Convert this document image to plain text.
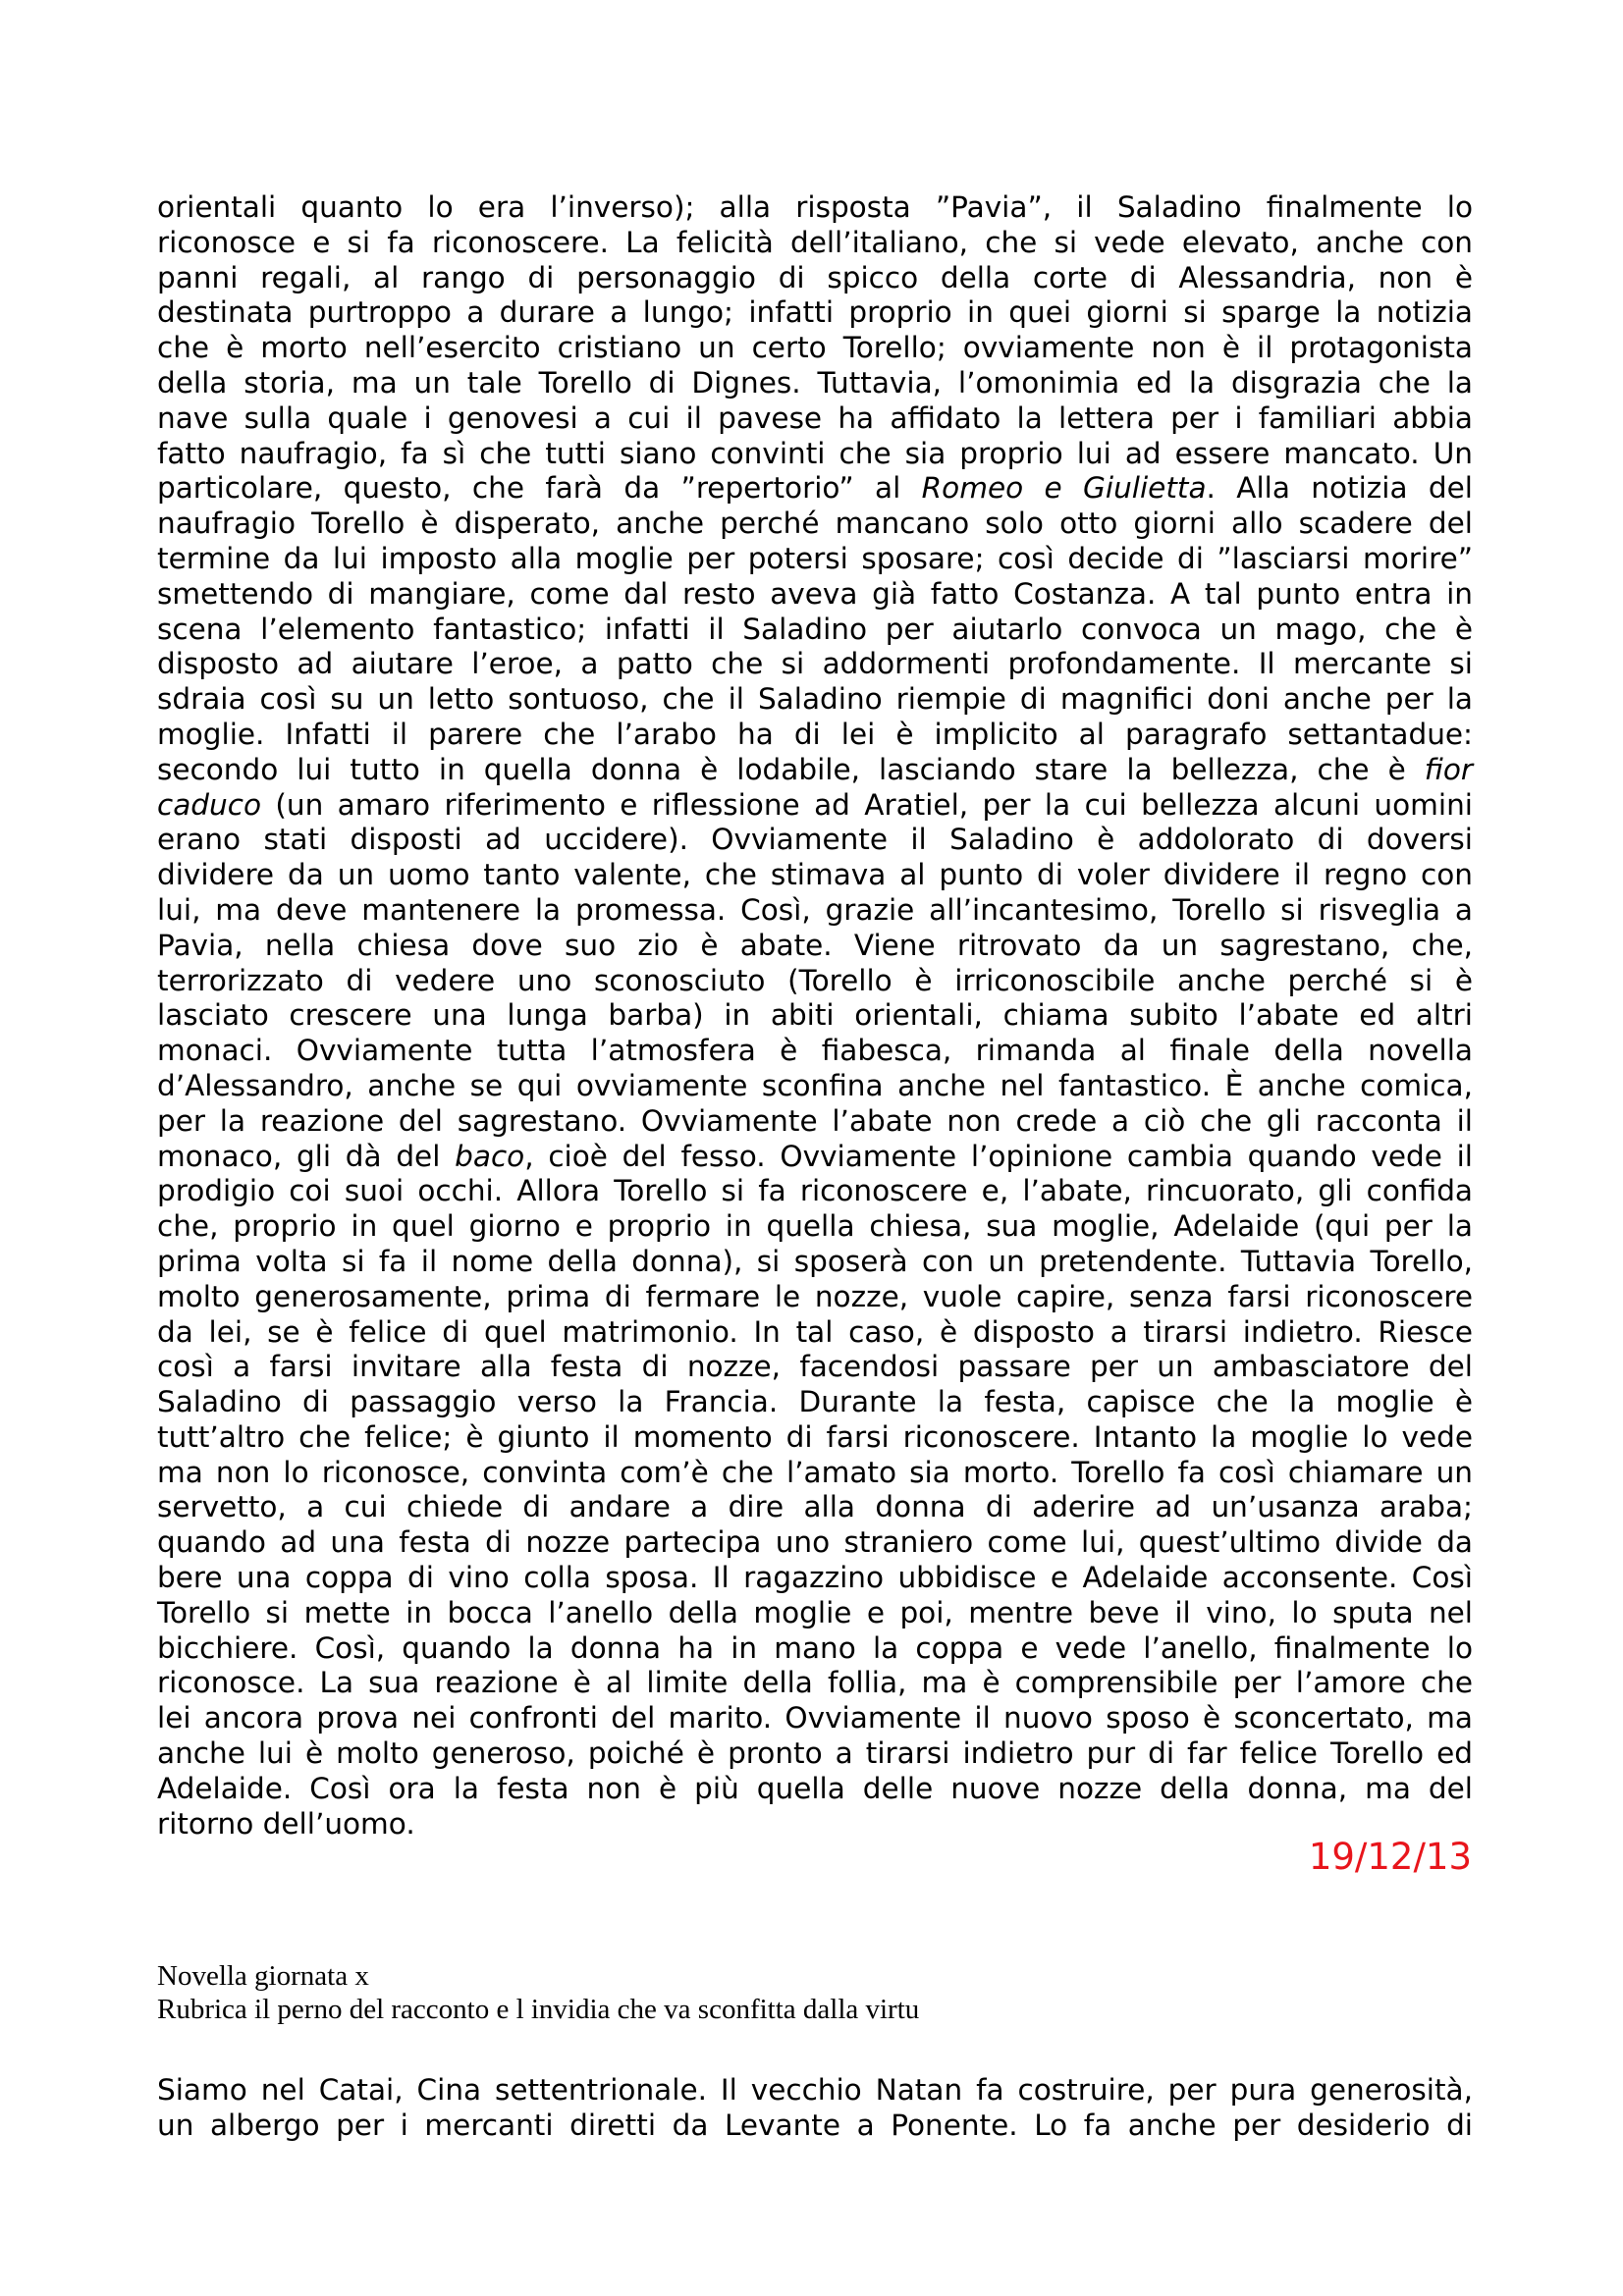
orientali quanto lo era l’inverso); alla risposta ”Pavia”, il Saladino finalmente lo
riconosce e si fa riconoscere. La felicità dell’italiano, che si vede elevato, anche con
panni regali, al rango di personaggio di spicco della corte di Alessandria, non è
destinata purtroppo a durare a lungo; infatti proprio in quei giorni si sparge la notizia
che è morto nell’esercito cristiano un certo Torello; ovviamente non è il protagonista
della storia, ma un tale Torello di Dignes. Tuttavia, l’omonimia ed la disgrazia che la
nave sulla quale i genovesi a cui il pavese ha affidato la lettera per i familiari abbia
fatto naufragio, fa sì che tutti siano convinti che sia proprio lui ad essere mancato. Un
particolare, questo, che farà da ”repertorio” al Romeo e Giulietta. Alla notizia del
naufragio Torello è disperato, anche perché mancano solo otto giorni allo scadere del
termine da lui imposto alla moglie per potersi sposare; così decide di ”lasciarsi morire”
smettendo di mangiare, come dal resto aveva già fatto Costanza. A tal punto entra in
scena l’elemento fantastico; infatti il Saladino per aiutarlo convoca un mago, che è
disposto ad aiutare l’eroe, a patto che si addormenti profondamente. Il mercante si
sdraia così su un letto sontuoso, che il Saladino riempie di magnifici doni anche per la
moglie. Infatti il parere che l’arabo ha di lei è implicito al paragrafo settantadue:
secondo lui tutto in quella donna è lodabile, lasciando stare la bellezza, che è fior
caduco (un amaro riferimento e riflessione ad Aratiel, per la cui bellezza alcuni uomini
erano stati disposti ad uccidere). Ovviamente il Saladino è addolorato di doversi
dividere da un uomo tanto valente, che stimava al punto di voler dividere il regno con
lui, ma deve mantenere la promessa. Così, grazie all’incantesimo, Torello si risveglia a
Pavia, nella chiesa dove suo zio è abate. Viene ritrovato da un sagrestano, che,
terrorizzato di vedere uno sconosciuto (Torello è irriconoscibile anche perché si è
lasciato crescere una lunga barba) in abiti orientali, chiama subito l’abate ed altri
monaci. Ovviamente tutta l’atmosfera è fiabesca, rimanda al finale della novella
d’Alessandro, anche se qui ovviamente sconfina anche nel fantastico. È anche comica,
per la reazione del sagrestano. Ovviamente l’abate non crede a ciò che gli racconta il
monaco, gli dà del baco, cioè del fesso. Ovviamente l’opinione cambia quando vede il
prodigio coi suoi occhi. Allora Torello si fa riconoscere e, l’abate, rincuorato, gli confida
che, proprio in quel giorno e proprio in quella chiesa, sua moglie, Adelaide (qui per la
prima volta si fa il nome della donna), si sposerà con un pretendente. Tuttavia Torello,
molto generosamente, prima di fermare le nozze, vuole capire, senza farsi riconoscere
da lei, se è felice di quel matrimonio. In tal caso, è disposto a tirarsi indietro. Riesce
così a farsi invitare alla festa di nozze, facendosi passare per un ambasciatore del
Saladino di passaggio verso la Francia. Durante la festa, capisce che la moglie è
tutt’altro che felice; è giunto il momento di farsi riconoscere. Intanto la moglie lo vede
ma non lo riconosce, convinta com’è che l’amato sia morto. Torello fa così chiamare un
servetto, a cui chiede di andare a dire alla donna di aderire ad un’usanza araba;
quando ad una festa di nozze partecipa uno straniero come lui, quest’ultimo divide da
bere una coppa di vino colla sposa. Il ragazzino ubbidisce e Adelaide acconsente. Così
Torello si mette in bocca l’anello della moglie e poi, mentre beve il vino, lo sputa nel
bicchiere. Così, quando la donna ha in mano la coppa e vede l’anello, finalmente lo
riconosce. La sua reazione è al limite della follia, ma è comprensibile per l’amore che
lei ancora prova nei confronti del marito. Ovviamente il nuovo sposo è sconcertato, ma
anche lui è molto generoso, poiché è pronto a tirarsi indietro pur di far felice Torello ed
Adelaide. Così ora la festa non è più quella delle nuove nozze della donna, ma del
ritorno dell’uomo.
19/12/13
Novella giornata x
Rubrica il perno del racconto e l invidia che va sconfitta dalla virtu
Siamo nel Catai, Cina settentrionale. Il vecchio Natan fa costruire, per pura generosità,
un albergo per i mercanti diretti da Levante a Ponente. Lo fa anche per desiderio di
